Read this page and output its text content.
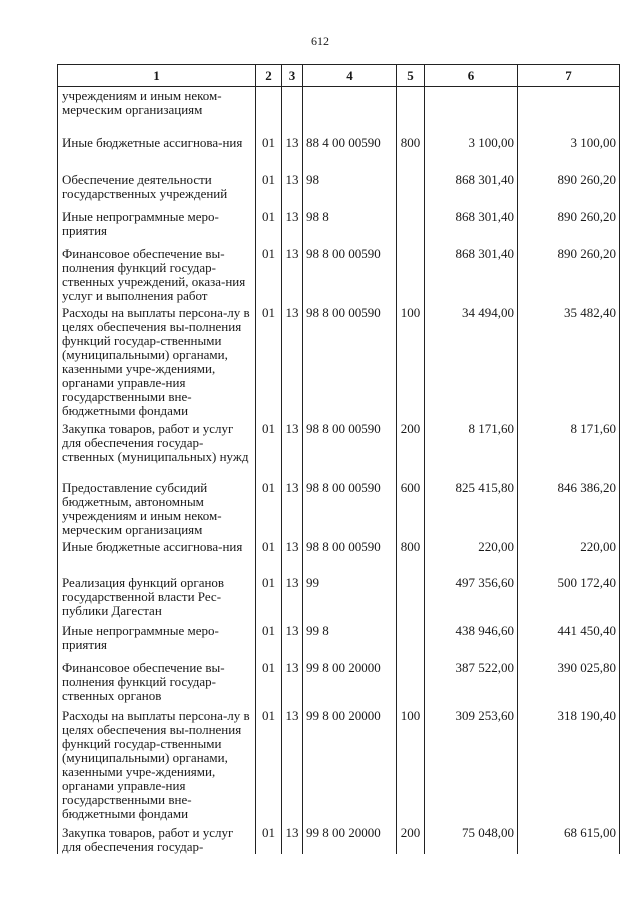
612
1	2	3	4	5	6	7
учреждениям и иным неком-мерческим организациям						
Иные бюджетные ассигнова-ния	01	13	88 4 00 00590	800	3 100,00	3 100,00
Обеспечение деятельности государственных учреждений	01	13	98		868 301,40	890 260,20
Иные непрограммные меро-приятия	01	13	98 8		868 301,40	890 260,20
Финансовое обеспечение вы-полнения функций государ-ственных учреждений, оказа-ния услуг и выполнения работ	01	13	98 8 00 00590		868 301,40	890 260,20
Расходы на выплаты персона-лу в целях обеспечения вы-полнения функций государ-ственными (муниципальными) органами, казенными учре-ждениями, органами управле-ния государственными вне-бюджетными фондами	01	13	98 8 00 00590	100	34 494,00	35 482,40
Закупка товаров, работ и услуг для обеспечения государ-ственных (муниципальных) нужд	01	13	98 8 00 00590	200	8 171,60	8 171,60
Предоставление субсидий бюджетным, автономным учреждениям и иным неком-мерческим организациям	01	13	98 8 00 00590	600	825 415,80	846 386,20
Иные бюджетные ассигнова-ния	01	13	98 8 00 00590	800	220,00	220,00
Реализация функций органов государственной власти Рес-публики Дагестан	01	13	99		497 356,60	500 172,40
Иные непрограммные меро-приятия	01	13	99 8		438 946,60	441 450,40
Финансовое обеспечение вы-полнения функций государ-ственных органов	01	13	99 8 00 20000		387 522,00	390 025,80
Расходы на выплаты персона-лу в целях обеспечения вы-полнения функций государ-ственными (муниципальными) органами, казенными учре-ждениями, органами управле-ния государственными вне-бюджетными фондами	01	13	99 8 00 20000	100	309 253,60	318 190,40
Закупка товаров, работ и услуг для обеспечения государ-	01	13	99 8 00 20000	200	75 048,00	68 615,00
